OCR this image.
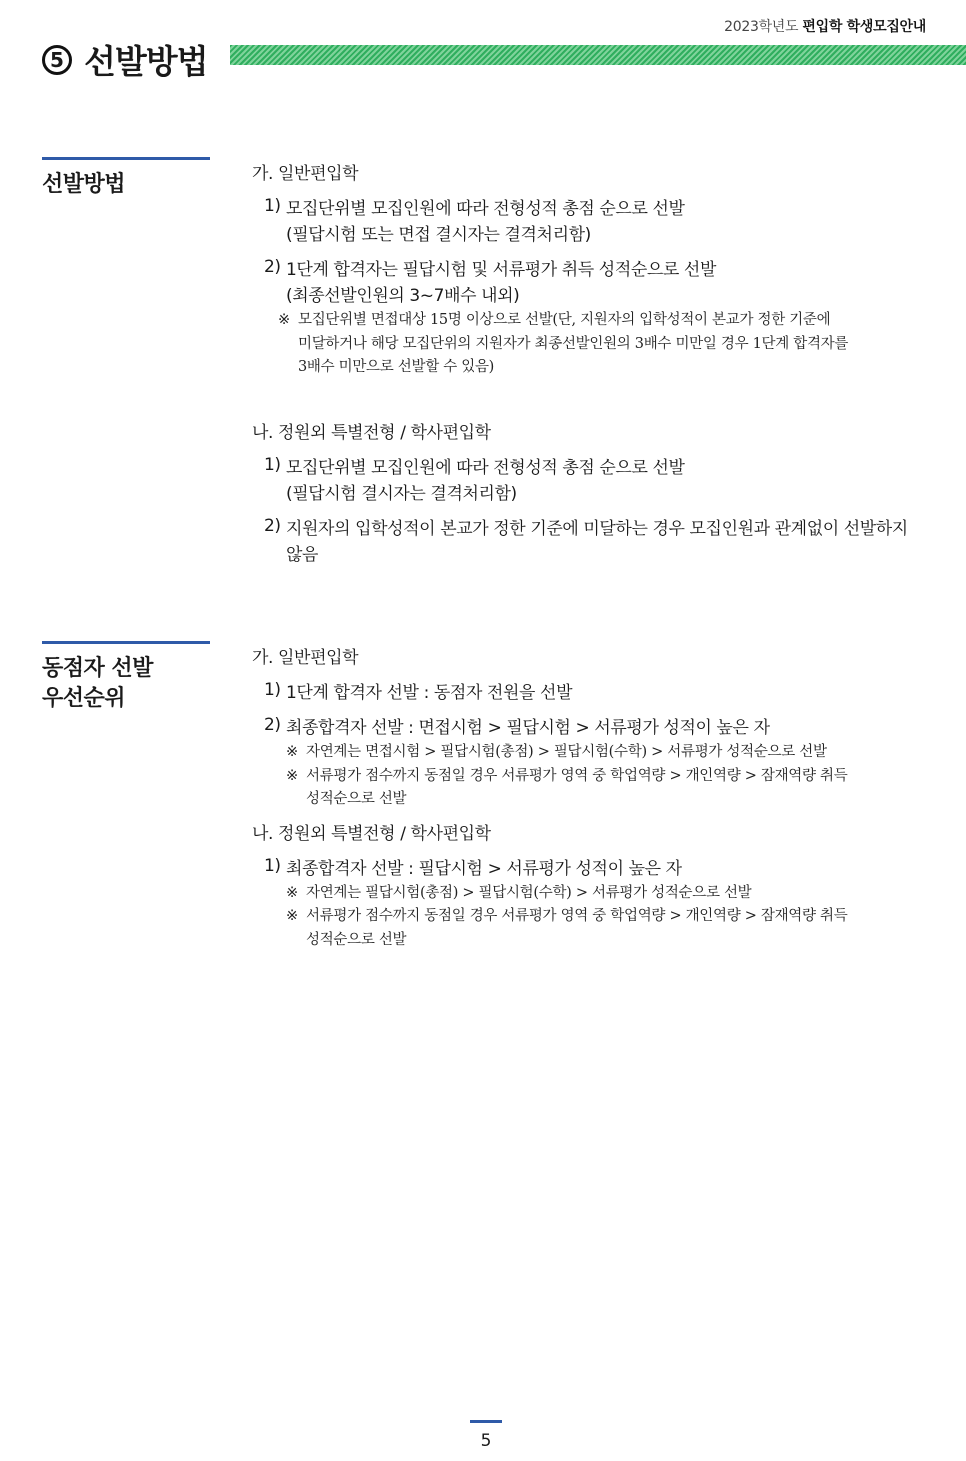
2023학년도 편입학 학생모집안내
5 선발방법
선발방법	가. 일반편입학
1) 모집단위별 모집인원에 따라 전형성적 총점 순으로 선발
(필답시험 또는 면접 결시자는 결격처리함)
2) 1단계 합격자는 필답시험 및 서류평가 취득 성적순으로 선발
(최종선발인원의 3~7배수 내외)
※ 모집단위별 면접대상 15명 이상으로 선발(단, 지원자의 입학성적이 본교가 정한 기준에
미달하거나 해당 모집단위의 지원자가 최종선발인원의 3배수 미만일 경우 1단계 합격자를
3배수 미만으로 선발할 수 있음)
나. 정원외 특별전형 / 학사편입학
1) 모집단위별 모집인원에 따라 전형성적 총점 순으로 선발
(필답시험 결시자는 결격처리함)
2) 지원자의 입학성적이 본교가 정한 기준에 미달하는 경우 모집인원과 관계없이 선발하지
않음
동점자 선발
우선순위
가. 일반편입학
1) 1단계 합격자 선발 : 동점자 전원을 선발
2) 최종합격자 선발 : 면접시험 > 필답시험 > 서류평가 성적이 높은 자
※ 자연계는 면접시험 > 필답시험(총점) > 필답시험(수학) > 서류평가 성적순으로 선발
※ 서류평가 점수까지 동점일 경우 서류평가 영역 중 학업역량 > 개인역량 > 잠재역량 취득
성적순으로 선발
나. 정원외 특별전형 / 학사편입학
1) 최종합격자 선발 : 필답시험 > 서류평가 성적이 높은 자
※ 자연계는 필답시험(총점) > 필답시험(수학) > 서류평가 성적순으로 선발
※ 서류평가 점수까지 동점일 경우 서류평가 영역 중 학업역량 > 개인역량 > 잠재역량 취득
성적순으로 선발
5
